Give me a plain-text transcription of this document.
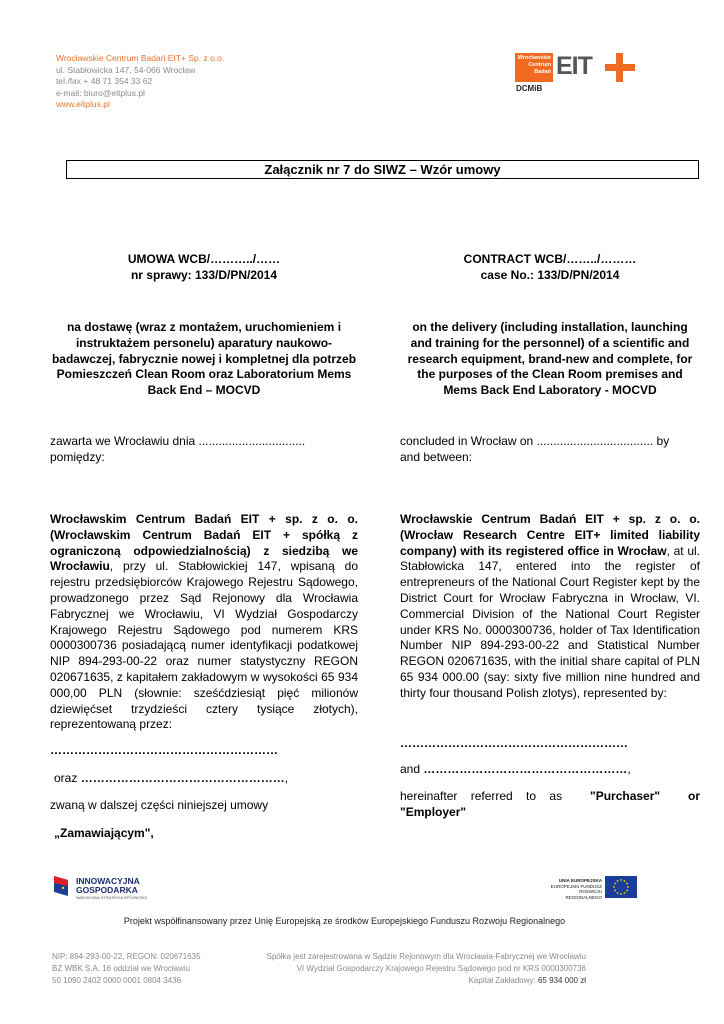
Wrocławskie Centrum Badań EIT+ Sp. z o.o.
ul. Stabłowicka 147, 54-066 Wrocław
tel./fax + 48 71 354 33 62
e-mail: biuro@eitplus.pl
www.eitplus.pl
Wrocławskie
Centrum
Badań EIT
DCMiB
Załącznik nr 7 do SIWZ – Wzór umowy
UMOWA WCB/………../……
nr sprawy: 133/D/PN/2014
CONTRACT WCB/……../………
case No.: 133/D/PN/2014
na dostawę (wraz z montażem, uruchomieniem i instruktażem personelu) aparatury naukowo-badawczej, fabrycznie nowej i kompletnej dla potrzeb Pomieszczeń Clean Room oraz Laboratorium Mems Back End – MOCVD
on the delivery (including installation, launching and training for the personnel) of a scientific and research equipment, brand-new and complete, for the purposes of the Clean Room premises and Mems Back End Laboratory - MOCVD
zawarta we Wrocławiu dnia ................................
pomiędzy:
concluded in Wrocław on ................................... by
and between:
Wrocławskim Centrum Badań EIT + sp. z o. o. (Wrocławskim Centrum Badań EIT + spółką z ograniczoną odpowiedzialnością) z siedzibą we Wrocławiu, przy ul. Stabłowickiej 147, wpisaną do rejestru przedsiębiorców Krajowego Rejestru Sądowego, prowadzonego przez Sąd Rejonowy dla Wrocławia Fabrycznej we Wrocławiu, VI Wydział Gospodarczy Krajowego Rejestru Sądowego pod numerem KRS 0000300736 posiadającą numer identyfikacji podatkowej NIP 894-293-00-22 oraz numer statystyczny REGON 020671635, z kapitałem zakładowym w wysokości 65 934 000,00 PLN (słownie: sześćdziesiąt pięć milionów dziewięćset trzydzieści cztery tysiące złotych), reprezentowaną przez:
Wrocławskie Centrum Badań EIT + sp. z o. o. (Wrocław Research Centre EIT+ limited liability company) with its registered office in Wrocław, at ul. Stabłowicka 147, entered into the register of entrepreneurs of the National Court Register kept by the District Court for Wrocław Fabryczna in Wrocław, VI. Commercial Division of the National Court Register under KRS No. 0000300736, holder of Tax Identification Number NIP 894-293-00-22 and Statistical Number REGON 020671635, with the initial share capital of PLN 65 934 000.00 (say: sixty five million nine hundred and thirty four thousand Polish zlotys), represented by:
…………………………………………………	…………………………………………………
oraz ……………………………………………,
and ……………………………………………,
zwaną w dalszej części niniejszej umowy
„Zamawiającym",
hereinafter    referred    to    as "Purchaser" or
"Employer"
INNOWACYJNA
GOSPODARKA
NARODOWA STRATEGIA SPÓJNOŚCI
UNIA EUROPEJSKA
EUROPEJSKI FUNDUSZ
ROZWOJU REGIONALNEGO
Projekt współfinansowany przez Unię Europejską ze środków Europejskiego Funduszu Rozwoju Regionalnego
NIP: 894-293-00-22, REGON: 020671635
BZ WBK S.A. 16 oddział we Wrocławiu
50 1090 2402 0000 0001 0804 3436
Spółka jest zarejestrowana w Sądzie Rejonowym dla Wrocławia-Fabrycznej we Wrocławiu
VI Wydział Gospodarczy Krajowego Rejestru Sądowego pod nr KRS 0000300736
Kapitał Zakładowy: 65 934 000 zł
